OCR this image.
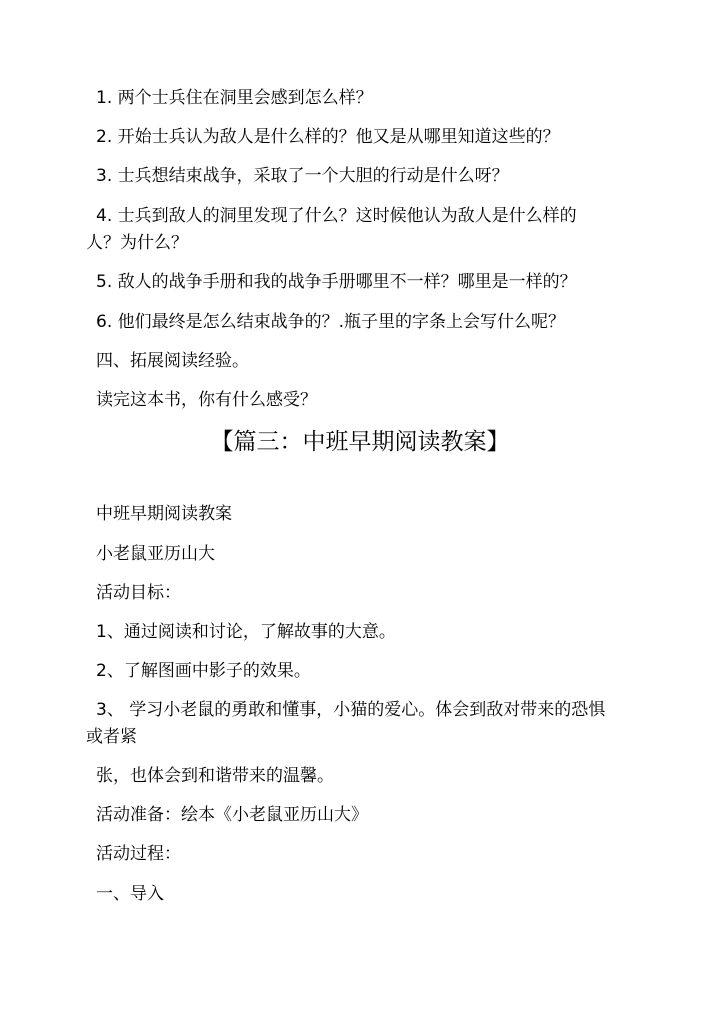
1. 两个士兵住在洞里会感到怎么样？
2. 开始士兵认为敌人是什么样的？他又是从哪里知道这些的？
3. 士兵想结束战争，采取了一个大胆的行动是什么呀？
4. 士兵到敌人的洞里发现了什么？这时候他认为敌人是什么样的
人？为什么？
5. 敌人的战争手册和我的战争手册哪里不一样？哪里是一样的？
6. 他们最终是怎么结束战争的？.瓶子里的字条上会写什么呢？
四、拓展阅读经验。
读完这本书，你有什么感受？
【篇三：中班早期阅读教案】
中班早期阅读教案
小老鼠亚历山大
活动目标：
1、通过阅读和讨论，了解故事的大意。
2、了解图画中影子的效果。
3、 学习小老鼠的勇敢和懂事，小猫的爱心。体会到敌对带来的恐惧
或者紧
张，也体会到和谐带来的温馨。
活动准备：绘本《小老鼠亚历山大》
活动过程：
一、导入
